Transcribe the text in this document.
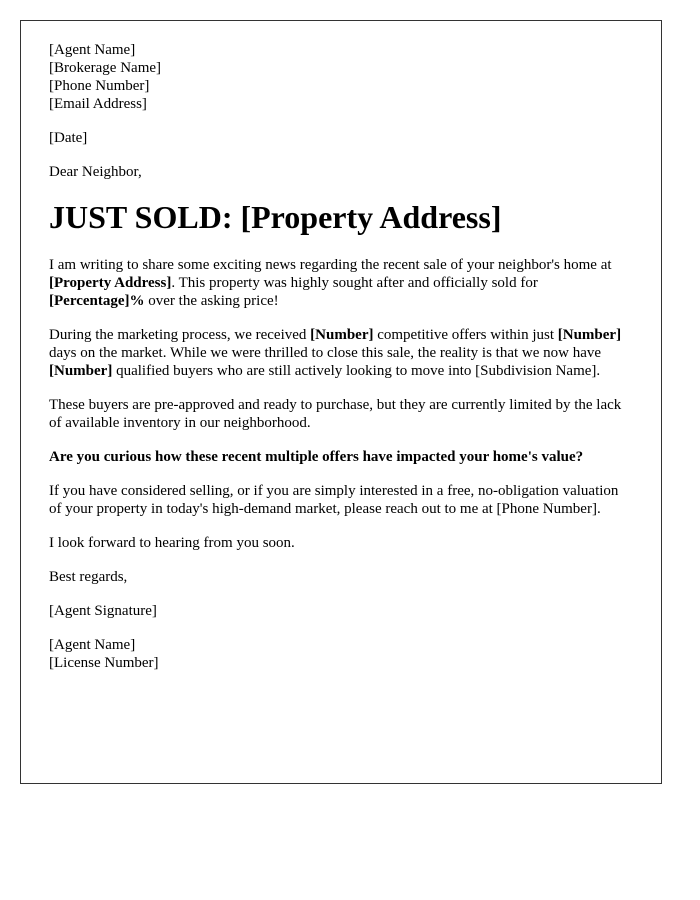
[Agent Name]
[Brokerage Name]
[Phone Number]
[Email Address]

[Date]

Dear Neighbor,

JUST SOLD: [Property Address]

I am writing to share some exciting news regarding the recent sale of your neighbor's home at [Property Address]. This property was highly sought after and officially sold for [Percentage]% over the asking price!

During the marketing process, we received [Number] competitive offers within just [Number] days on the market. While we were thrilled to close this sale, the reality is that we now have [Number] qualified buyers who are still actively looking to move into [Subdivision Name].

These buyers are pre-approved and ready to purchase, but they are currently limited by the lack of available inventory in our neighborhood.

Are you curious how these recent multiple offers have impacted your home's value?

If you have considered selling, or if you are simply interested in a free, no-obligation valuation of your property in today's high-demand market, please reach out to me at [Phone Number].

I look forward to hearing from you soon.

Best regards,

[Agent Signature]

[Agent Name]
[License Number]
